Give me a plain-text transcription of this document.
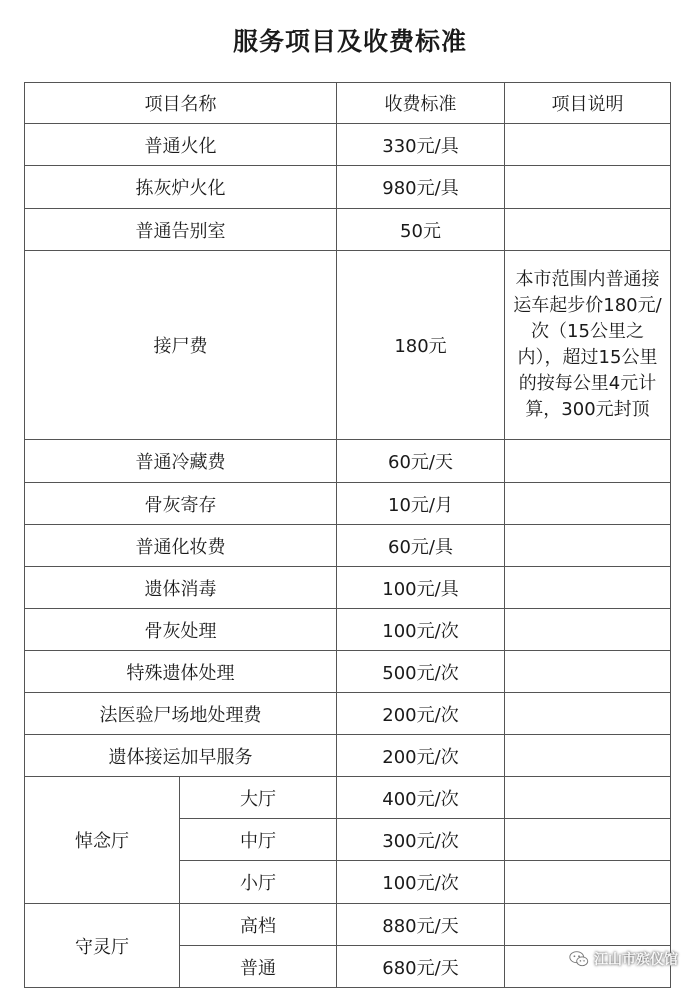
服务项目及收费标准
项目名称		收费标准	项目说明
普通火化		330元/具	
拣灰炉火化		980元/具	
普通告别室		50元	
接尸费		180元	本市范围内普通接运车起步价180元/次（15公里之内），超过15公里的按每公里4元计算，300元封顶
普通冷藏费		60元/天	
骨灰寄存		10元/月	
普通化妆费		60元/具	
遗体消毒		100元/具	
骨灰处理		100元/次	
特殊遗体处理		500元/次	
法医验尸场地处理费		200元/次	
遗体接运加早服务		200元/次	
悼念厅	大厅	400元/次	
	中厅	300元/次	
	小厅	100元/次	
守灵厅	高档	880元/天	
	普通	680元/天		江山市殡仪馆
